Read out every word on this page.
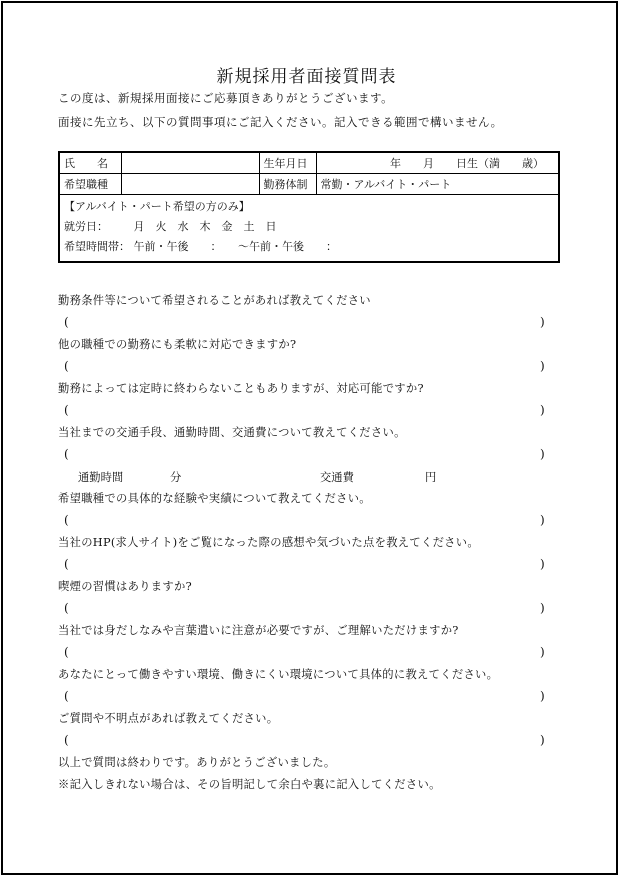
新規採用者面接質問表
この度は、新規採用面接にご応募頂きありがとうございます。
面接に先立ち、以下の質問事項にご記入ください。記入できる範囲で構いません。
氏　　名		生年月日	年　　月　　日生（満　　歳）
希望職種		勤務体制	常勤・アルバイト・パート

【アルバイト・パート希望の方のみ】
就労日： 月　火　水　木　金　土　日
希望時間帯： 午前・午後　　：　　～午前・午後　　：			
勤務条件等について希望されることがあれば教えてください
(	)
他の職種での勤務にも柔軟に対応できますか?
(	)
勤務によっては定時に終わらないこともありますが、対応可能ですか?
(	)
当社までの交通手段、通勤時間、交通費について教えてください。
(	)
通勤時間	分	交通費	円
希望職種での具体的な経験や実績について教えてください。
(	)
当社のHP(求人サイト)をご覧になった際の感想や気づいた点を教えてください。
(	)
喫煙の習慣はありますか?
(	)
当社では身だしなみや言葉遣いに注意が必要ですが、ご理解いただけますか?
(	)
あなたにとって働きやすい環境、働きにくい環境について具体的に教えてください。
(	)
ご質問や不明点があれば教えてください。
(	)
以上で質問は終わりです。ありがとうございました。
※記入しきれない場合は、その旨明記して余白や裏に記入してください。
